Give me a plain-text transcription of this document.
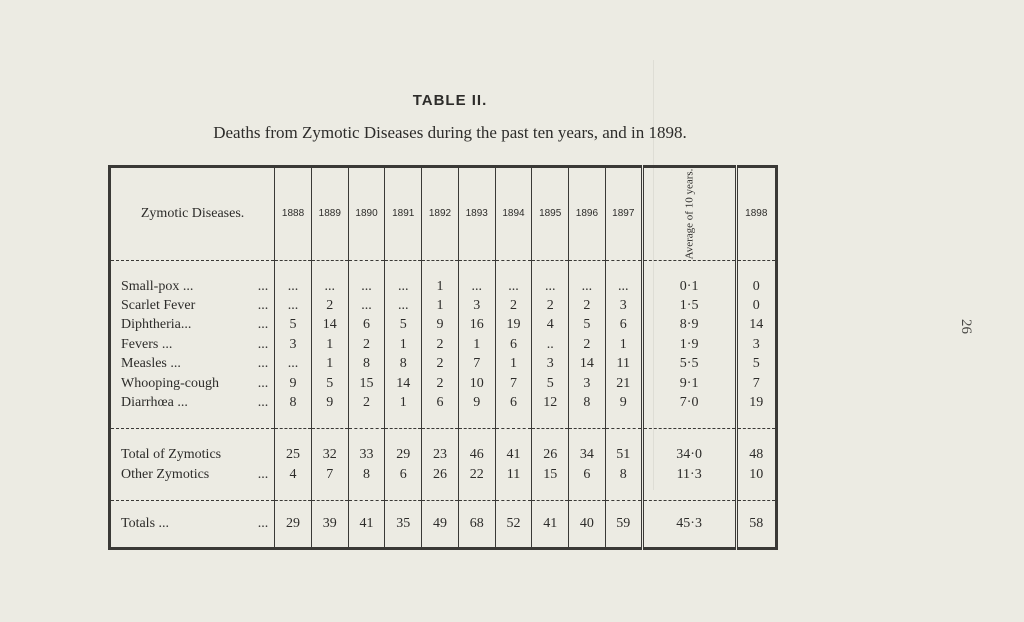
26
TABLE II.
Deaths from Zymotic Diseases during the past ten years, and in 1898.
Zymotic Diseases.	1888	1889	1890	1891	1892	1893	1894	1895	1896	1897	Average of 10 years.	1898

Small-pox ... ...	...	...	...	...	1	...	...	...	...	...	0·1	0
Scarlet Fever ...	...	2	...	...	1	3	2	2	2	3	1·5	0
Diphtheria... ...	5	14	6	5	9	16	19	4	5	6	8·9	14
Fevers ... ...	3	1	2	1	2	1	6	..	2	1	1·9	3
Measles ... ...	...	1	8	8	2	7	1	3	14	11	5·5	5
Whooping-cough ...	9	5	15	14	2	10	7	5	3	21	9·1	7
Diarrhœa ... ...	8	9	2	1	6	9	6	12	8	9	7·0	19

Total of Zymotics	25	32	33	29	23	46	41	26	34	51	34·0	48
Other Zymotics ...	4	7	8	6	26	22	11	15	6	8	11·3	10

Totals ... ...	29	39	41	35	49	68	52	41	40	59	45·3	58
